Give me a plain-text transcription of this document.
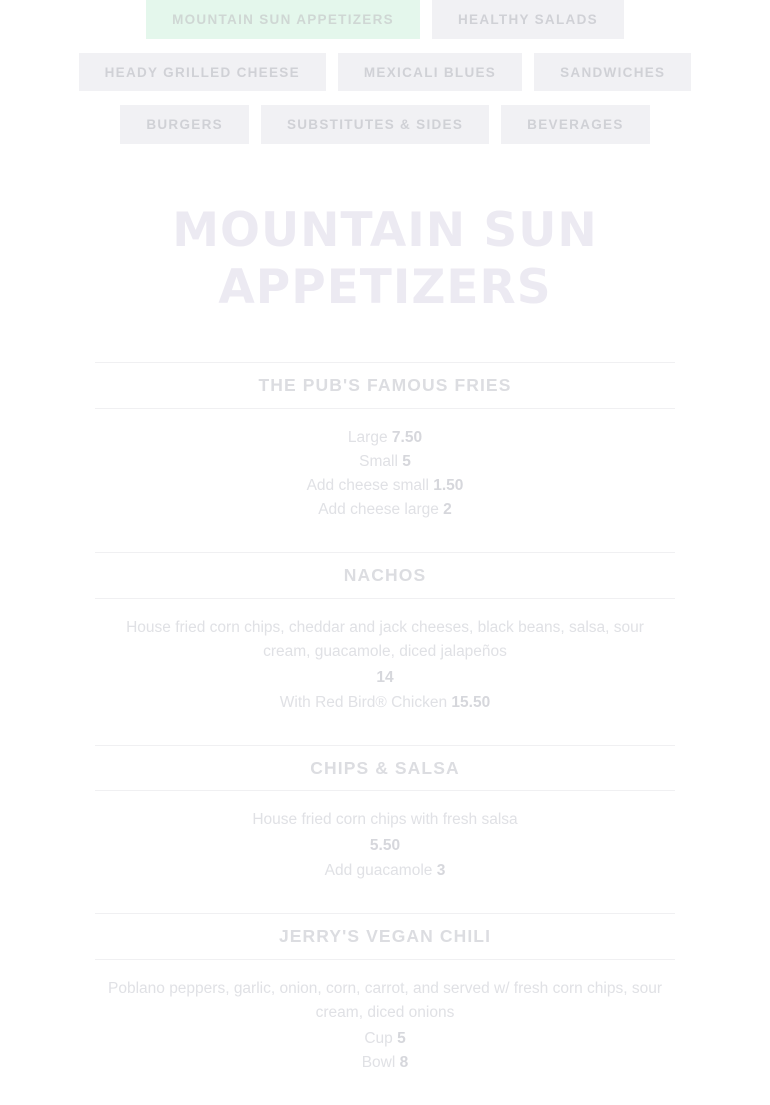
MOUNTAIN SUN APPETIZERS	HEALTHY SALADS
HEADY GRILLED CHEESE	MEXICALI BLUES	SANDWICHES
BURGERS	SUBSTITUTES & SIDES	BEVERAGES
MOUNTAIN SUN APPETIZERS
THE PUB'S FAMOUS FRIES

Large 7.50

Small 5

Add cheese small 1.50

Add cheese large 2

NACHOS

House fried corn chips, cheddar and jack cheeses, black beans, salsa, sour cream, guacamole, diced jalapeños

14

With Red Bird® Chicken 15.50

CHIPS & SALSA

House fried corn chips with fresh salsa

5.50

Add guacamole 3

JERRY'S VEGAN CHILI

Poblano peppers, garlic, onion, corn, carrot, and served w/ fresh corn chips, sour cream, diced onions

Cup 5

Bowl 8
